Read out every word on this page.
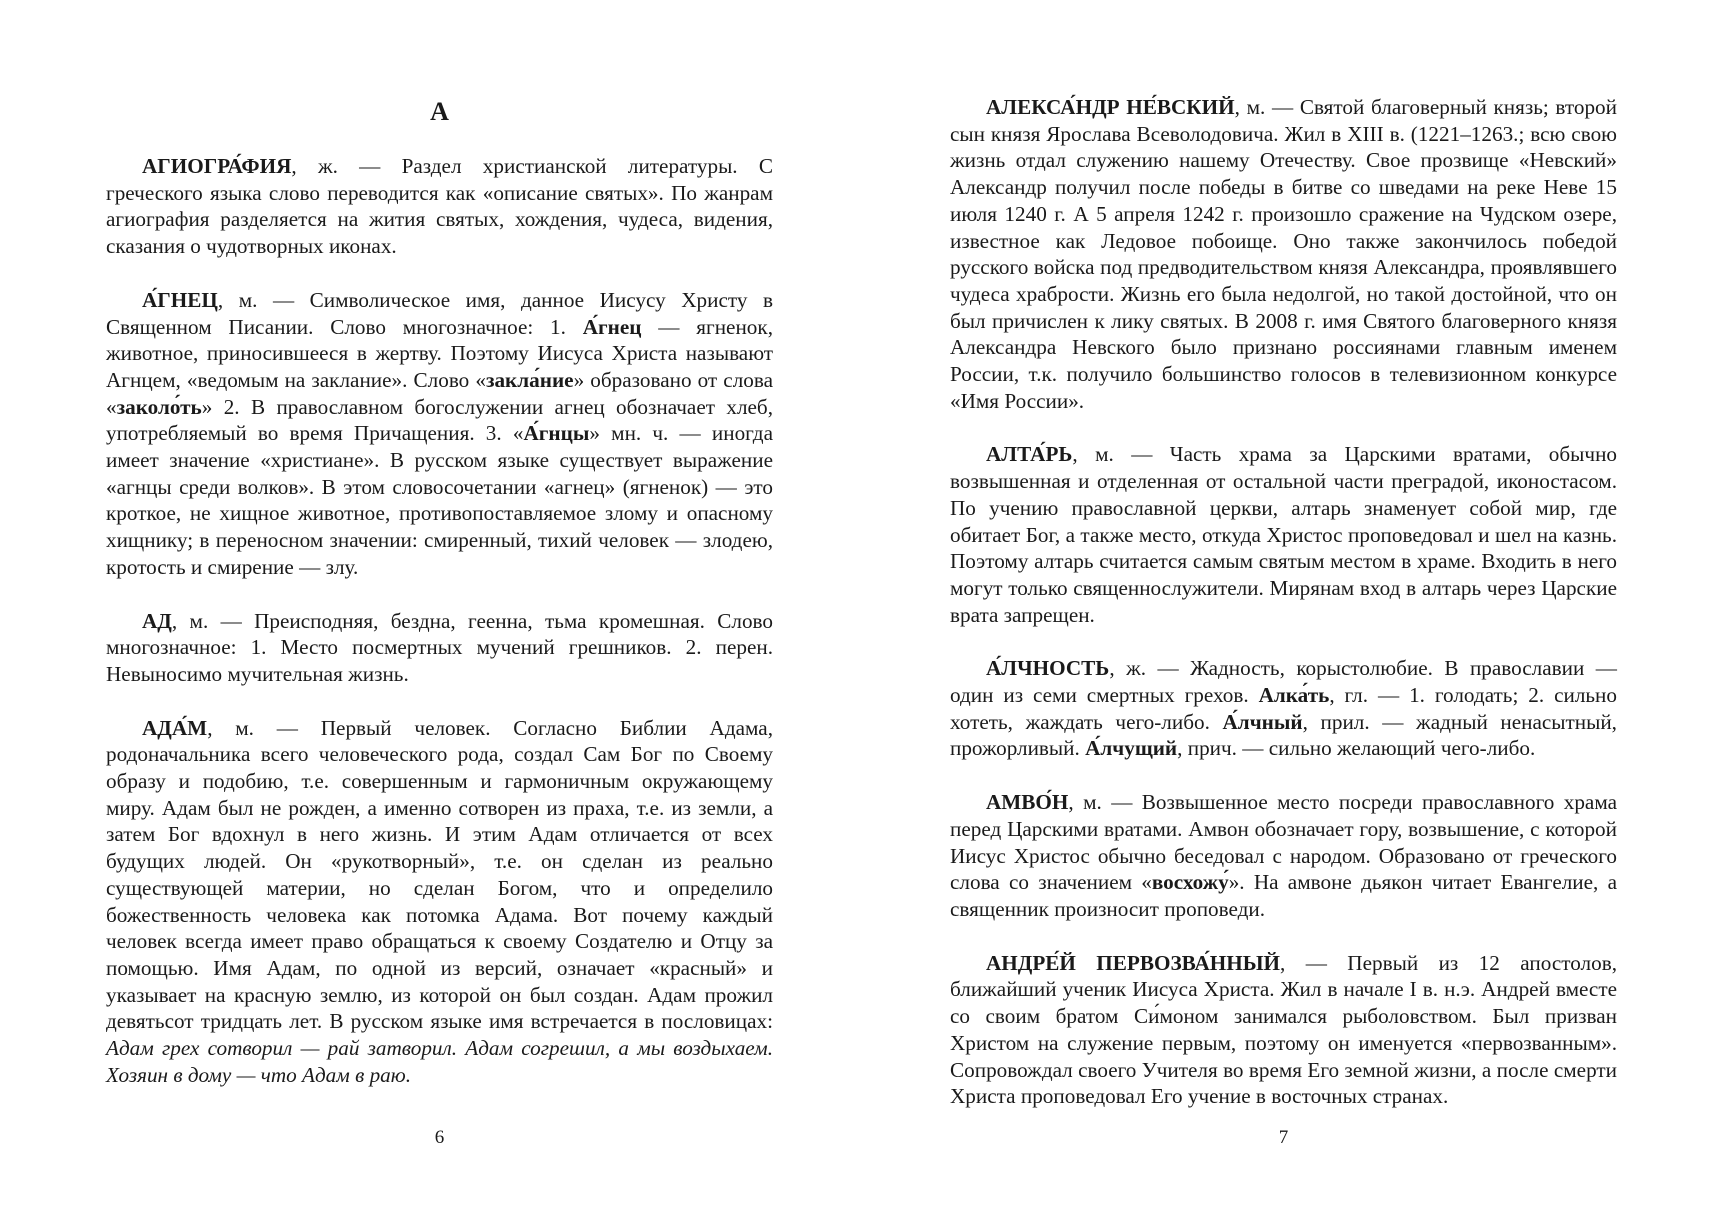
А

АГИОГРА́ФИЯ, ж. — Раздел христианской литературы. С греческого языка слово переводится как «описание святых». По жанрам агиография разделяется на жития святых, хождения, чудеса, видения, сказания о чудотворных иконах.

А́ГНЕЦ, м. — Символическое имя, данное Иисусу Христу в Священном Писании. Слово многозначное: 1. А́гнец — ягненок, животное, приносившееся в жертву. Поэтому Иисуса Христа называют Агнцем, «ведомым на заклание». Слово «закла́ние» образовано от слова «заколо́ть» 2. В православном богослужении агнец обозначает хлеб, употребляемый во время Причащения. 3. «А́гнцы» мн. ч. — иногда имеет значение «христиане». В русском языке существует выражение «агнцы среди волков». В этом словосочетании «агнец» (ягненок) — это кроткое, не хищное животное, противопоставляемое злому и опасному хищнику; в переносном значении: смиренный, тихий человек — злодею, кротость и смирение — злу.

АД, м. — Преисподняя, бездна, геенна, тьма кромешная. Слово многозначное: 1. Место посмертных мучений грешников. 2. перен. Невыносимо мучительная жизнь.

АДА́М, м. — Первый человек. Согласно Библии Адама, родоначальника всего человеческого рода, создал Сам Бог по Своему образу и подобию, т.е. совершенным и гармоничным окружающему миру. Адам был не рожден, а именно сотворен из праха, т.е. из земли, а затем Бог вдохнул в него жизнь. И этим Адам отличается от всех будущих людей. Он «рукотворный», т.е. он сделан из реально существующей материи, но сделан Богом, что и определило божественность человека как потомка Адама. Вот почему каждый человек всегда имеет право обращаться к своему Создателю и Отцу за помощью. Имя Адам, по одной из версий, означает «красный» и указывает на красную землю, из которой он был создан. Адам прожил девятьсот тридцать лет. В русском языке имя встречается в пословицах: Адам грех сотворил — рай затворил. Адам согрешил, а мы воздыхаем. Хозяин в дому — что Адам в раю.

6

АЛЕКСА́НДР НЕ́ВСКИЙ, м. — Святой благоверный князь; второй сын князя Ярослава Всеволодовича. Жил в XIII в. (1221–1263.; всю свою жизнь отдал служению нашему Отечеству. Свое прозвище «Невский» Александр получил после победы в битве со шведами на реке Неве 15 июля 1240 г. А 5 апреля 1242 г. произошло сражение на Чудском озере, известное как Ледовое побоище. Оно также закончилось победой русского войска под предводительством князя Александра, проявлявшего чудеса храбрости. Жизнь его была недолгой, но такой достойной, что он был причислен к лику святых. В 2008 г. имя Святого благоверного князя Александра Невского было признано россиянами главным именем России, т.к. получило большинство голосов в телевизионном конкурсе «Имя России».

АЛТА́РЬ, м. — Часть храма за Царскими вратами, обычно возвышенная и отделенная от остальной части преградой, иконостасом. По учению православной церкви, алтарь знаменует собой мир, где обитает Бог, а также место, откуда Христос проповедовал и шел на казнь. Поэтому алтарь считается самым святым местом в храме. Входить в него могут только священнослужители. Мирянам вход в алтарь через Царские врата запрещен.

А́ЛЧНОСТЬ, ж. — Жадность, корыстолюбие. В православии — один из семи смертных грехов. Алка́ть, гл. — 1. голодать; 2. сильно хотеть, жаждать чего-либо. А́лчный, прил. — жадный ненасытный, прожорливый. А́лчущий, прич. — сильно желающий чего-либо.

АМВО́Н, м. — Возвышенное место посреди православного храма перед Царскими вратами. Амвон обозначает гору, возвышение, с которой Иисус Христос обычно беседовал с народом. Образовано от греческого слова со значением «восхожу́». На амвоне дьякон читает Евангелие, а священник произносит проповеди.

АНДРЕ́Й ПЕРВОЗВА́ННЫЙ, — Первый из 12 апостолов, ближайший ученик Иисуса Христа. Жил в начале I в. н.э. Андрей вместе со своим братом Си́моном занимался рыболовством. Был призван Христом на служение первым, поэтому он именуется «первозванным». Сопровождал своего Учителя во время Его земной жизни, а после смерти Христа проповедовал Его учение в восточных странах.

7
